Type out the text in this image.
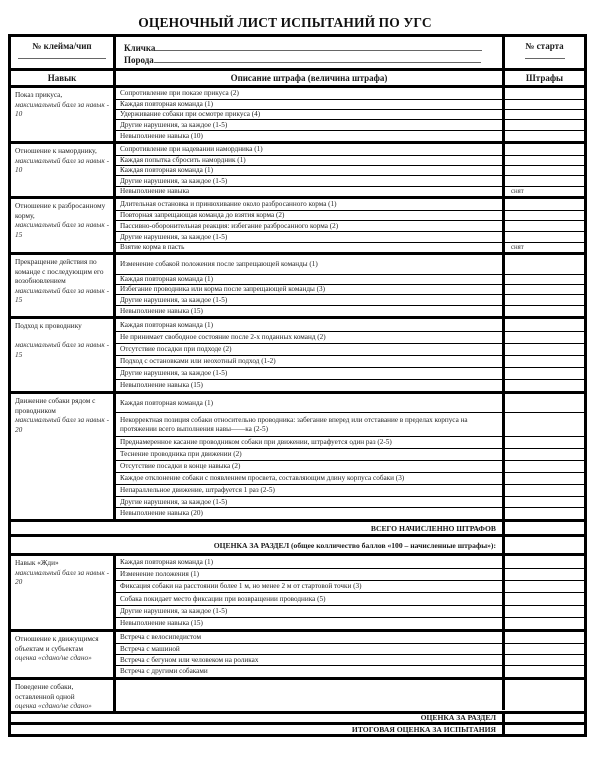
ОЦЕНОЧНЫЙ ЛИСТ ИСПЫТАНИЙ ПО УГС
№ клейма/чип	Кличка
Порода
№ старта
Навык	Описание штрафа (величина штрафа)	Штрафы
Показ прикуса,
максимальный балл за навык - 10
Сопротивление при показе прикуса (2)
Каждая повторная команда (1)
Удерживание собаки при осмотре прикуса (4)
Другие нарушения, за каждое (1-5)
Невыполнение навыка (10)
Отношение к наморднику,
максимальный балл за навык - 10
Сопротивление при надевании намордника (1)
Каждая попытка сбросить намордник (1)
Каждая повторная команда (1)
Другие нарушения, за каждое (1-5)
Невыполнение навыка	снят
Отношение к разбросанному корму,
максимальный балл за навык - 15
Длительная остановка и принюхивание около разбросанного корма (1)
Повторная запрещающая команда до взятия корма (2)
Пассивно-оборонительная реакция: избегание разбросанного корма (2)
Другие нарушения, за каждое (1-5)
Взятие корма в пасть	снят
Прекращение действия по команде с последующим его возобновлением
максимальный балл за навык - 15
Изменение собакой положения после запрещающей команды (1)
Каждая повторная команда (1)
Избегание проводника или корма после запрещающей команды (3)
Другие нарушения, за каждое (1-5)
Невыполнение навыка (15)
Подход к проводнику
максимальный балл за навык - 15
Каждая повторная команда (1)
Не принимает свободное состояние после 2-х поданных команд (2)
Отсутствие посадки при подходе (2)
Подход с остановками или неохотный подход (1-2)
Другие нарушения, за каждое (1-5)
Невыполнение навыка (15)
Движение собаки рядом с проводником
максимальный балл за навык - 20
Каждая повторная команда (1)
Некорректная позиция собаки относительно проводника: забегание вперед или отставание в пределах корпуса на протяжении всего выполнения навы——ка (2-5)
Преднамеренное касание проводником собаки при движении, штрафуется один раз (2-5)
Теснение проводника при движении (2)
Отсутствие посадки в конце навыка (2)
Каждое отклонение собаки с появлением просвета, составляющим длину корпуса собаки (3)
Непараллельное движение, штрафуется 1 раз (2-5)
Другие нарушения, за каждое (1-5)
Невыполнение навыка (20)
ВСЕГО НАЧИСЛЕННО ШТРАФОВ
ОЦЕНКА ЗА РАЗДЕЛ (общее колличество баллов «100 – начисленные штрафы»):
Навык «Жди»
максимальный балл за навык - 20
Каждая повторная команда (1)
Изменение положения (1)
Фиксация собаки на расстоянии более 1 м, но менее 2 м от стартовой точки (3)
Собака покидает место фиксации при возвращении проводника (5)
Другие нарушения, за каждое (1-5)
Невыполнение навыка (15)
Отношение к движущимся объектам и субъектам
оценка «сдано/не сдано»
Встреча с велосипедистом
Встреча с машиной
Встреча с бегуном или человеком на роликах
Встреча с другими собаками
Поведение собаки, оставленной одной
оценка «сдано/не сдано»
ОЦЕНКА ЗА РАЗДЕЛ
ИТОГОВАЯ ОЦЕНКА ЗА ИСПЫТАНИЯ
